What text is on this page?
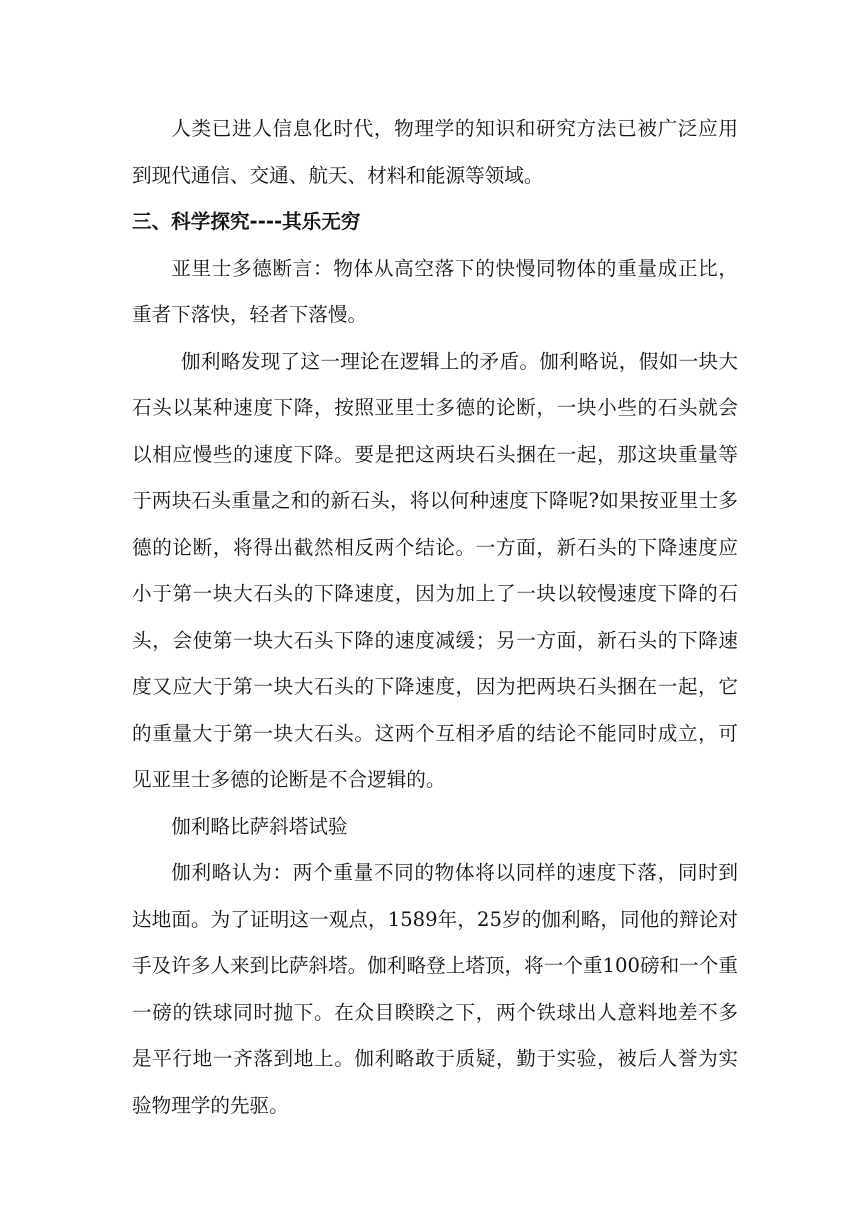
人类已进人信息化时代，物理学的知识和研究方法已被广泛应用到现代通信、交通、航天、材料和能源等领域。

三、科学探究----其乐无穷

亚里士多德断言：物体从高空落下的快慢同物体的重量成正比，重者下落快，轻者下落慢。

伽利略发现了这一理论在逻辑上的矛盾。伽利略说，假如一块大石头以某种速度下降，按照亚里士多德的论断，一块小些的石头就会以相应慢些的速度下降。要是把这两块石头捆在一起，那这块重量等于两块石头重量之和的新石头，将以何种速度下降呢?如果按亚里士多德的论断，将得出截然相反两个结论。一方面，新石头的下降速度应小于第一块大石头的下降速度，因为加上了一块以较慢速度下降的石头，会使第一块大石头下降的速度减缓；另一方面，新石头的下降速度又应大于第一块大石头的下降速度，因为把两块石头捆在一起，它的重量大于第一块大石头。这两个互相矛盾的结论不能同时成立，可见亚里士多德的论断是不合逻辑的。

伽利略比萨斜塔试验

伽利略认为：两个重量不同的物体将以同样的速度下落，同时到达地面。为了证明这一观点，1589年，25岁的伽利略，同他的辩论对手及许多人来到比萨斜塔。伽利略登上塔顶，将一个重100磅和一个重一磅的铁球同时抛下。在众目睽睽之下，两个铁球出人意料地差不多是平行地一齐落到地上。伽利略敢于质疑，勤于实验，被后人誉为实验物理学的先驱。
